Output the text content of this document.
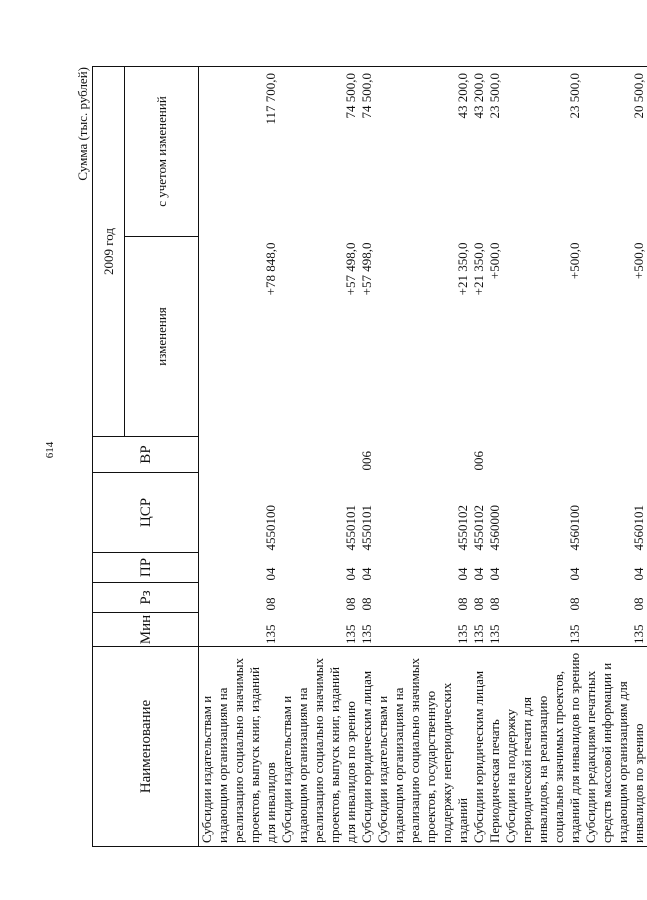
614
Сумма (тыс. рублей)
Наименование	Мин	Рз	ПР	ЦСР	ВР	2009 год	
						изменения	с учетом изменений
Субсидии издательствам и издающим организациям на реализацию социально значимых проектов, выпуск книг, изданий для инвалидов	135	08	04	4550100		+78 848,0	117 700,0
Субсидии издательствам и издающим организациям на реализацию социально значимых проектов, выпуск книг, изданий для инвалидов по зрению	135	08	04	4550101		+57 498,0	74 500,0
Субсидии юридическим лицам	135	08	04	4550101	006	+57 498,0	74 500,0
Субсидии издательствам и издающим организациям на реализацию социально значимых проектов, государственную поддержку непериодических изданий	135	08	04	4550102		+21 350,0	43 200,0
Субсидии юридическим лицам	135	08	04	4550102	006	+21 350,0	43 200,0
Периодическая печать	135	08	04	4560000		+500,0	23 500,0
Субсидии на поддержку периодической печати для инвалидов, на реализацию социально значимых проектов, изданий для инвалидов по зрению	135	08	04	4560100		+500,0	23 500,0
Субсидии редакциям печатных средств массовой информации и издающим организациям для инвалидов по зрению	135	08	04	4560101		+500,0	20 500,0
